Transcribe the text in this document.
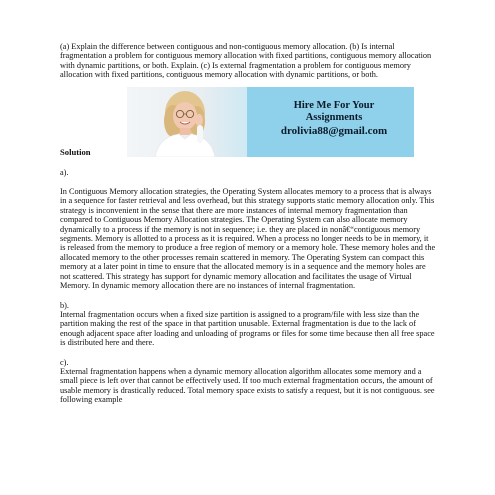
(a) Explain the difference between contiguous and non-contiguous memory allocation. (b) Is internal fragmentation a problem for contiguous memory allocation with fixed partitions, contiguous memory allocation with dynamic partitions, or both. Explain. (c) Is external fragmentation a problem for contiguous memory allocation with fixed partitions, contiguous memory allocation with dynamic partitions, or both.

Solution
Hire Me For Your
Assignments
drolivia88@gmail.com

a).

In Contiguous Memory allocation strategies, the Operating System allocates memory to a process that is always in a sequence for faster retrieval and less overhead, but this strategy supports static memory allocation only. This strategy is inconvenient in the sense that there are more instances of internal memory fragmentation than compared to Contiguous Memory Allocation strategies. The Operating System can also allocate memory dynamically to a process if the memory is not in sequence; i.e. they are placed in nonâ€“contiguous memory segments. Memory is allotted to a process as it is required. When a process no longer needs to be in memory, it is released from the memory to produce a free region of memory or a memory hole. These memory holes and the allocated memory to the other processes remain scattered in memory. The Operating System can compact this memory at a later point in time to ensure that the allocated memory is in a sequence and the memory holes are not scattered. This strategy has support for dynamic memory allocation and facilitates the usage of Virtual Memory. In dynamic memory allocation there are no instances of internal fragmentation.

b).

Internal fragmentation occurs when a fixed size partition is assigned to a program/file with less size than the partition making the rest of the space in that partition unusable. External fragmentation is due to the lack of enough adjacent space after loading and unloading of programs or files for some time because then all free space is distributed here and there.

c).

External fragmentation happens when a dynamic memory allocation algorithm allocates some memory and a small piece is left over that cannot be effectively used. If too much external fragmentation occurs, the amount of usable memory is drastically reduced. Total memory space exists to satisfy a request, but it is not contiguous. see following example
